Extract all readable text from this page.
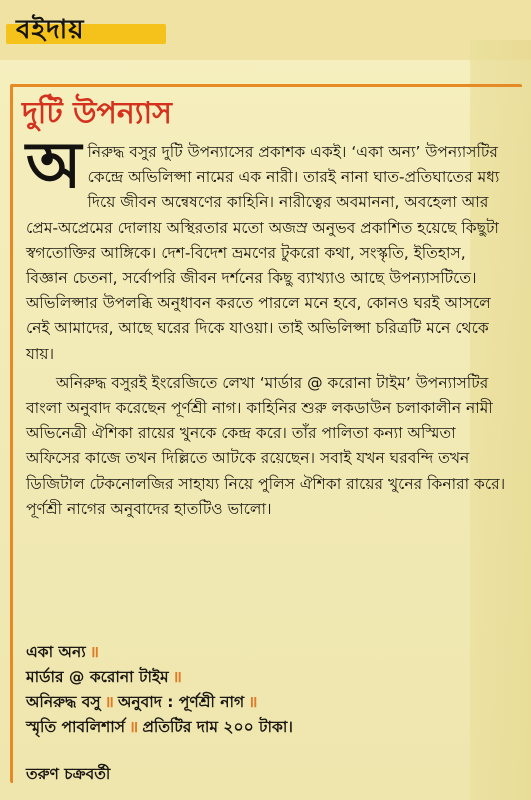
বইদায়
দুটি উপন্যাস

অনিরুদ্ধ বসুর দুটি উপন্যাসের প্রকাশক একই। ‘একা অন্য’ উপন্যাসটির কেন্দ্রে অভিলিপ্সা নামের এক নারী। তারই নানা ঘাত-প্রতিঘাতের মধ্য দিয়ে জীবন অন্বেষণের কাহিনি। নারীত্বের অবমাননা, অবহেলা আর প্রেম-অপ্রেমের দোলায় অস্থিরতার মতো অজস্র অনুভব প্রকাশিত হয়েছে কিছুটা স্বগতোক্তির আঙ্গিকে। দেশ-বিদেশ ভ্রমণের টুকরো কথা, সংস্কৃতি, ইতিহাস, বিজ্ঞান চেতনা, সর্বোপরি জীবন দর্শনের কিছু ব্যাখ্যাও আছে উপন্যাসটিতে। অভিলিপ্সার উপলব্ধি অনুধাবন করতে পারলে মনে হবে, কোনও ঘরই আসলে নেই আমাদের, আছে ঘরের দিকে যাওয়া। তাই অভিলিপ্সা চরিত্রটি মনে থেকে যায়।

অনিরুদ্ধ বসুরই ইংরেজিতে লেখা ‘মার্ডার @ করোনা টাইম’ উপন্যাসটির বাংলা অনুবাদ করেছেন পূর্ণশ্রী নাগ। কাহিনির শুরু লকডাউন চলাকালীন নামী অভিনেত্রী ঐশিকা রায়ের খুনকে কেন্দ্র করে। তাঁর পালিতা কন্যা অস্মিতা অফিসের কাজে তখন দিল্লিতে আটকে রয়েছেন। সবাই যখন ঘরবন্দি তখন ডিজিটাল টেকনোলজির সাহায্য নিয়ে পুলিস ঐশিকা রায়ের খুনের কিনারা করে। পূর্ণশ্রী নাগের অনুবাদের হাতটিও ভালো।

একা অন্য ॥
মার্ডার @ করোনা টাইম ॥
অনিরুদ্ধ বসু ॥ অনুবাদ : পূর্ণশ্রী নাগ ॥
স্মৃতি পাবলিশার্স ॥ প্রতিটির দাম ২০০ টাকা।
তরুণ চক্রবর্তী
